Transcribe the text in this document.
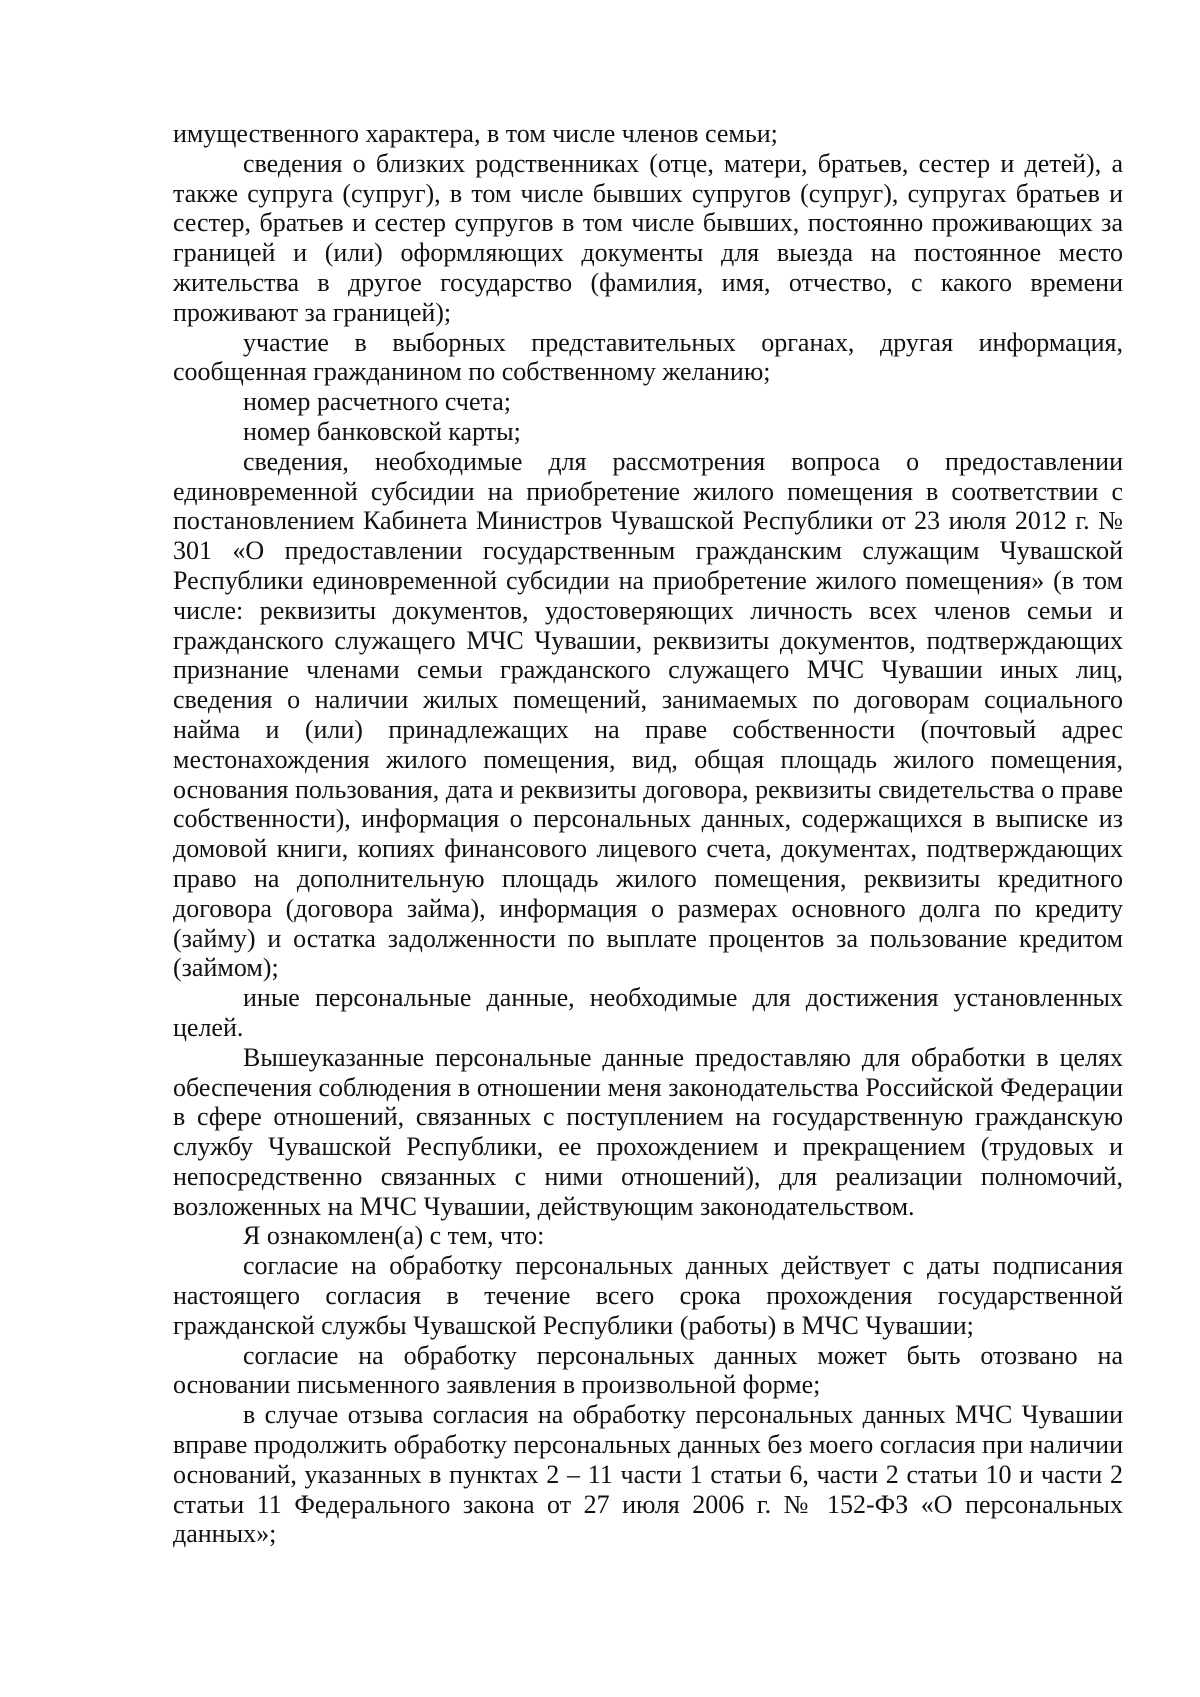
имущественного характера, в том числе членов семьи;

сведения о близких родственниках (отце, матери, братьев, сестер и детей), а также супруга (супруг), в том числе бывших супругов (супруг), супругах братьев и сестер, братьев и сестер супругов в том числе бывших, постоянно проживающих за границей и (или) оформляющих документы для выезда на постоянное место жительства в другое государство (фамилия, имя, отчество, с какого времени проживают за границей);

участие в выборных представительных органах, другая информация, сообщенная гражданином по собственному желанию;

номер расчетного счета;

номер банковской карты;

сведения, необходимые для рассмотрения вопроса о предоставлении единовременной субсидии на приобретение жилого помещения в соответствии с постановлением Кабинета Министров Чувашской Республики от 23 июля 2012 г. № 301 «О предоставлении государственным гражданским служащим Чувашской Республики единовременной субсидии на приобретение жилого помещения» (в том числе: реквизиты документов, удостоверяющих личность всех членов семьи и гражданского служащего МЧС Чувашии, реквизиты документов, подтверждающих признание членами семьи гражданского служащего МЧС Чувашии иных лиц, сведения о наличии жилых помещений, занимаемых по договорам социального найма и (или) принадлежащих на праве собственности (почтовый адрес местонахождения жилого помещения, вид, общая площадь жилого помещения, основания пользования, дата и реквизиты договора, реквизиты свидетельства о праве собственности), информация о персональных данных, содержащихся в выписке из домовой книги, копиях финансового лицевого счета, документах, подтверждающих право на дополнительную площадь жилого помещения, реквизиты кредитного договора (договора займа), информация о размерах основного долга по кредиту (займу) и остатка задолженности по выплате процентов за пользование кредитом (займом);

иные персональные данные, необходимые для достижения установленных целей.

Вышеуказанные персональные данные предоставляю для обработки в целях обеспечения соблюдения в отношении меня законодательства Российской Федерации в сфере отношений, связанных с поступлением на государственную гражданскую службу Чувашской Республики, ее прохождением и прекращением (трудовых и непосредственно связанных с ними отношений), для реализации полномочий, возложенных на МЧС Чувашии, действующим законодательством.

Я ознакомлен(а) с тем, что:

согласие на обработку персональных данных действует с даты подписания настоящего согласия в течение всего срока прохождения государственной гражданской службы Чувашской Республики (работы) в МЧС Чувашии;

согласие на обработку персональных данных может быть отозвано на основании письменного заявления в произвольной форме;

в случае отзыва согласия на обработку персональных данных МЧС Чувашии вправе продолжить обработку персональных данных без моего согласия при наличии оснований, указанных в пунктах 2 – 11 части 1 статьи 6, части 2 статьи 10 и части 2 статьи 11 Федерального закона от 27 июля 2006 г. № 152-ФЗ «О персональных данных»;
